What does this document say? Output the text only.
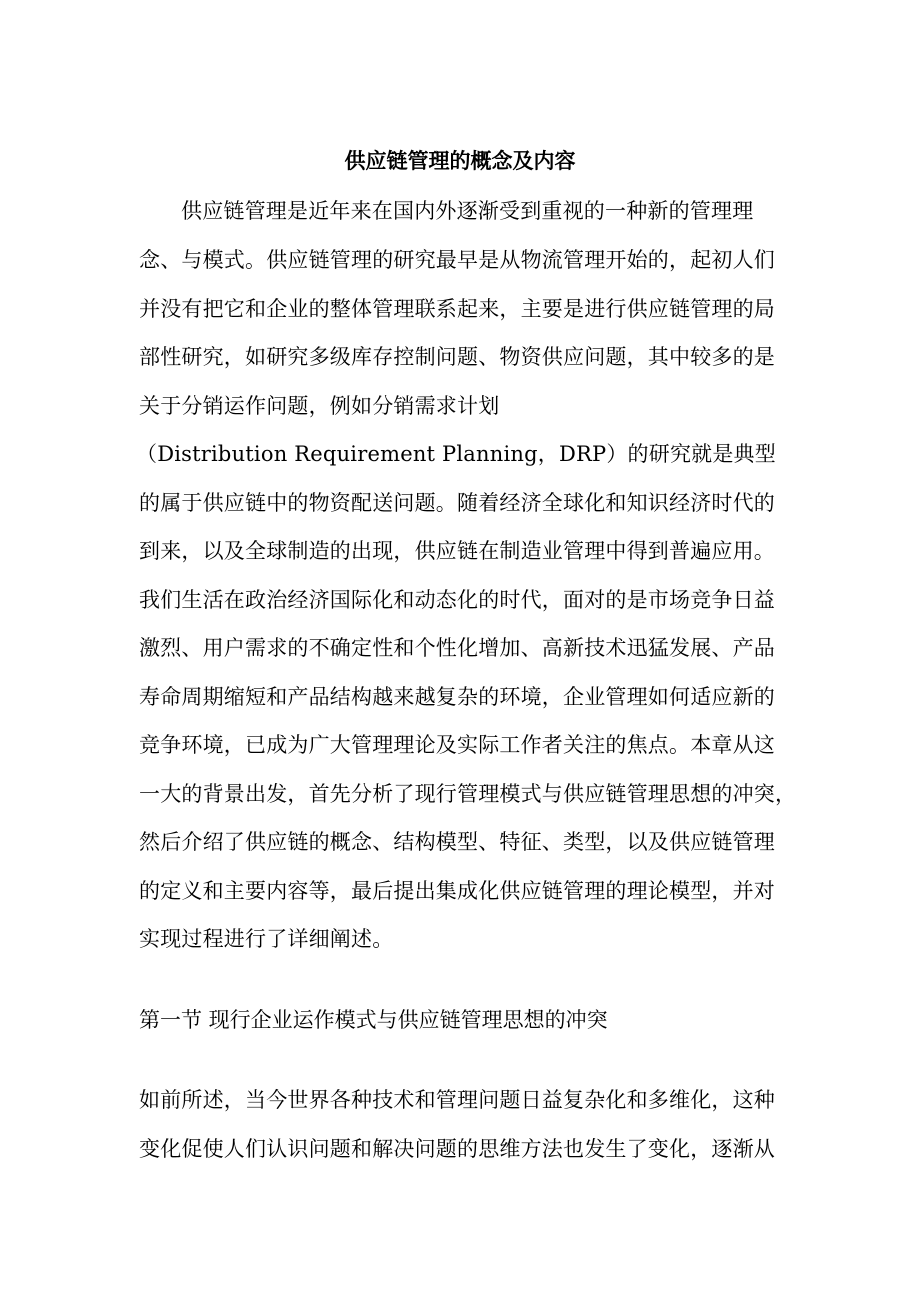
供应链管理的概念及内容
供应链管理是近年来在国内外逐渐受到重视的一种新的管理理
念、与模式。供应链管理的研究最早是从物流管理开始的，起初人们
并没有把它和企业的整体管理联系起来，主要是进行供应链管理的局
部性研究，如研究多级库存控制问题、物资供应问题，其中较多的是
关于分销运作问题，例如分销需求计划
（Distribution Requirement Planning，DRP）的研究就是典型
的属于供应链中的物资配送问题。随着经济全球化和知识经济时代的
到来，以及全球制造的出现，供应链在制造业管理中得到普遍应用。
我们生活在政治经济国际化和动态化的时代，面对的是市场竞争日益
激烈、用户需求的不确定性和个性化增加、高新技术迅猛发展、产品
寿命周期缩短和产品结构越来越复杂的环境，企业管理如何适应新的
竞争环境，已成为广大管理理论及实际工作者关注的焦点。本章从这
一大的背景出发，首先分析了现行管理模式与供应链管理思想的冲突，
然后介绍了供应链的概念、结构模型、特征、类型，以及供应链管理
的定义和主要内容等，最后提出集成化供应链管理的理论模型，并对
实现过程进行了详细阐述。
第一节 现行企业运作模式与供应链管理思想的冲突
如前所述，当今世界各种技术和管理问题日益复杂化和多维化，这种
变化促使人们认识问题和解决问题的思维方法也发生了变化，逐渐从
